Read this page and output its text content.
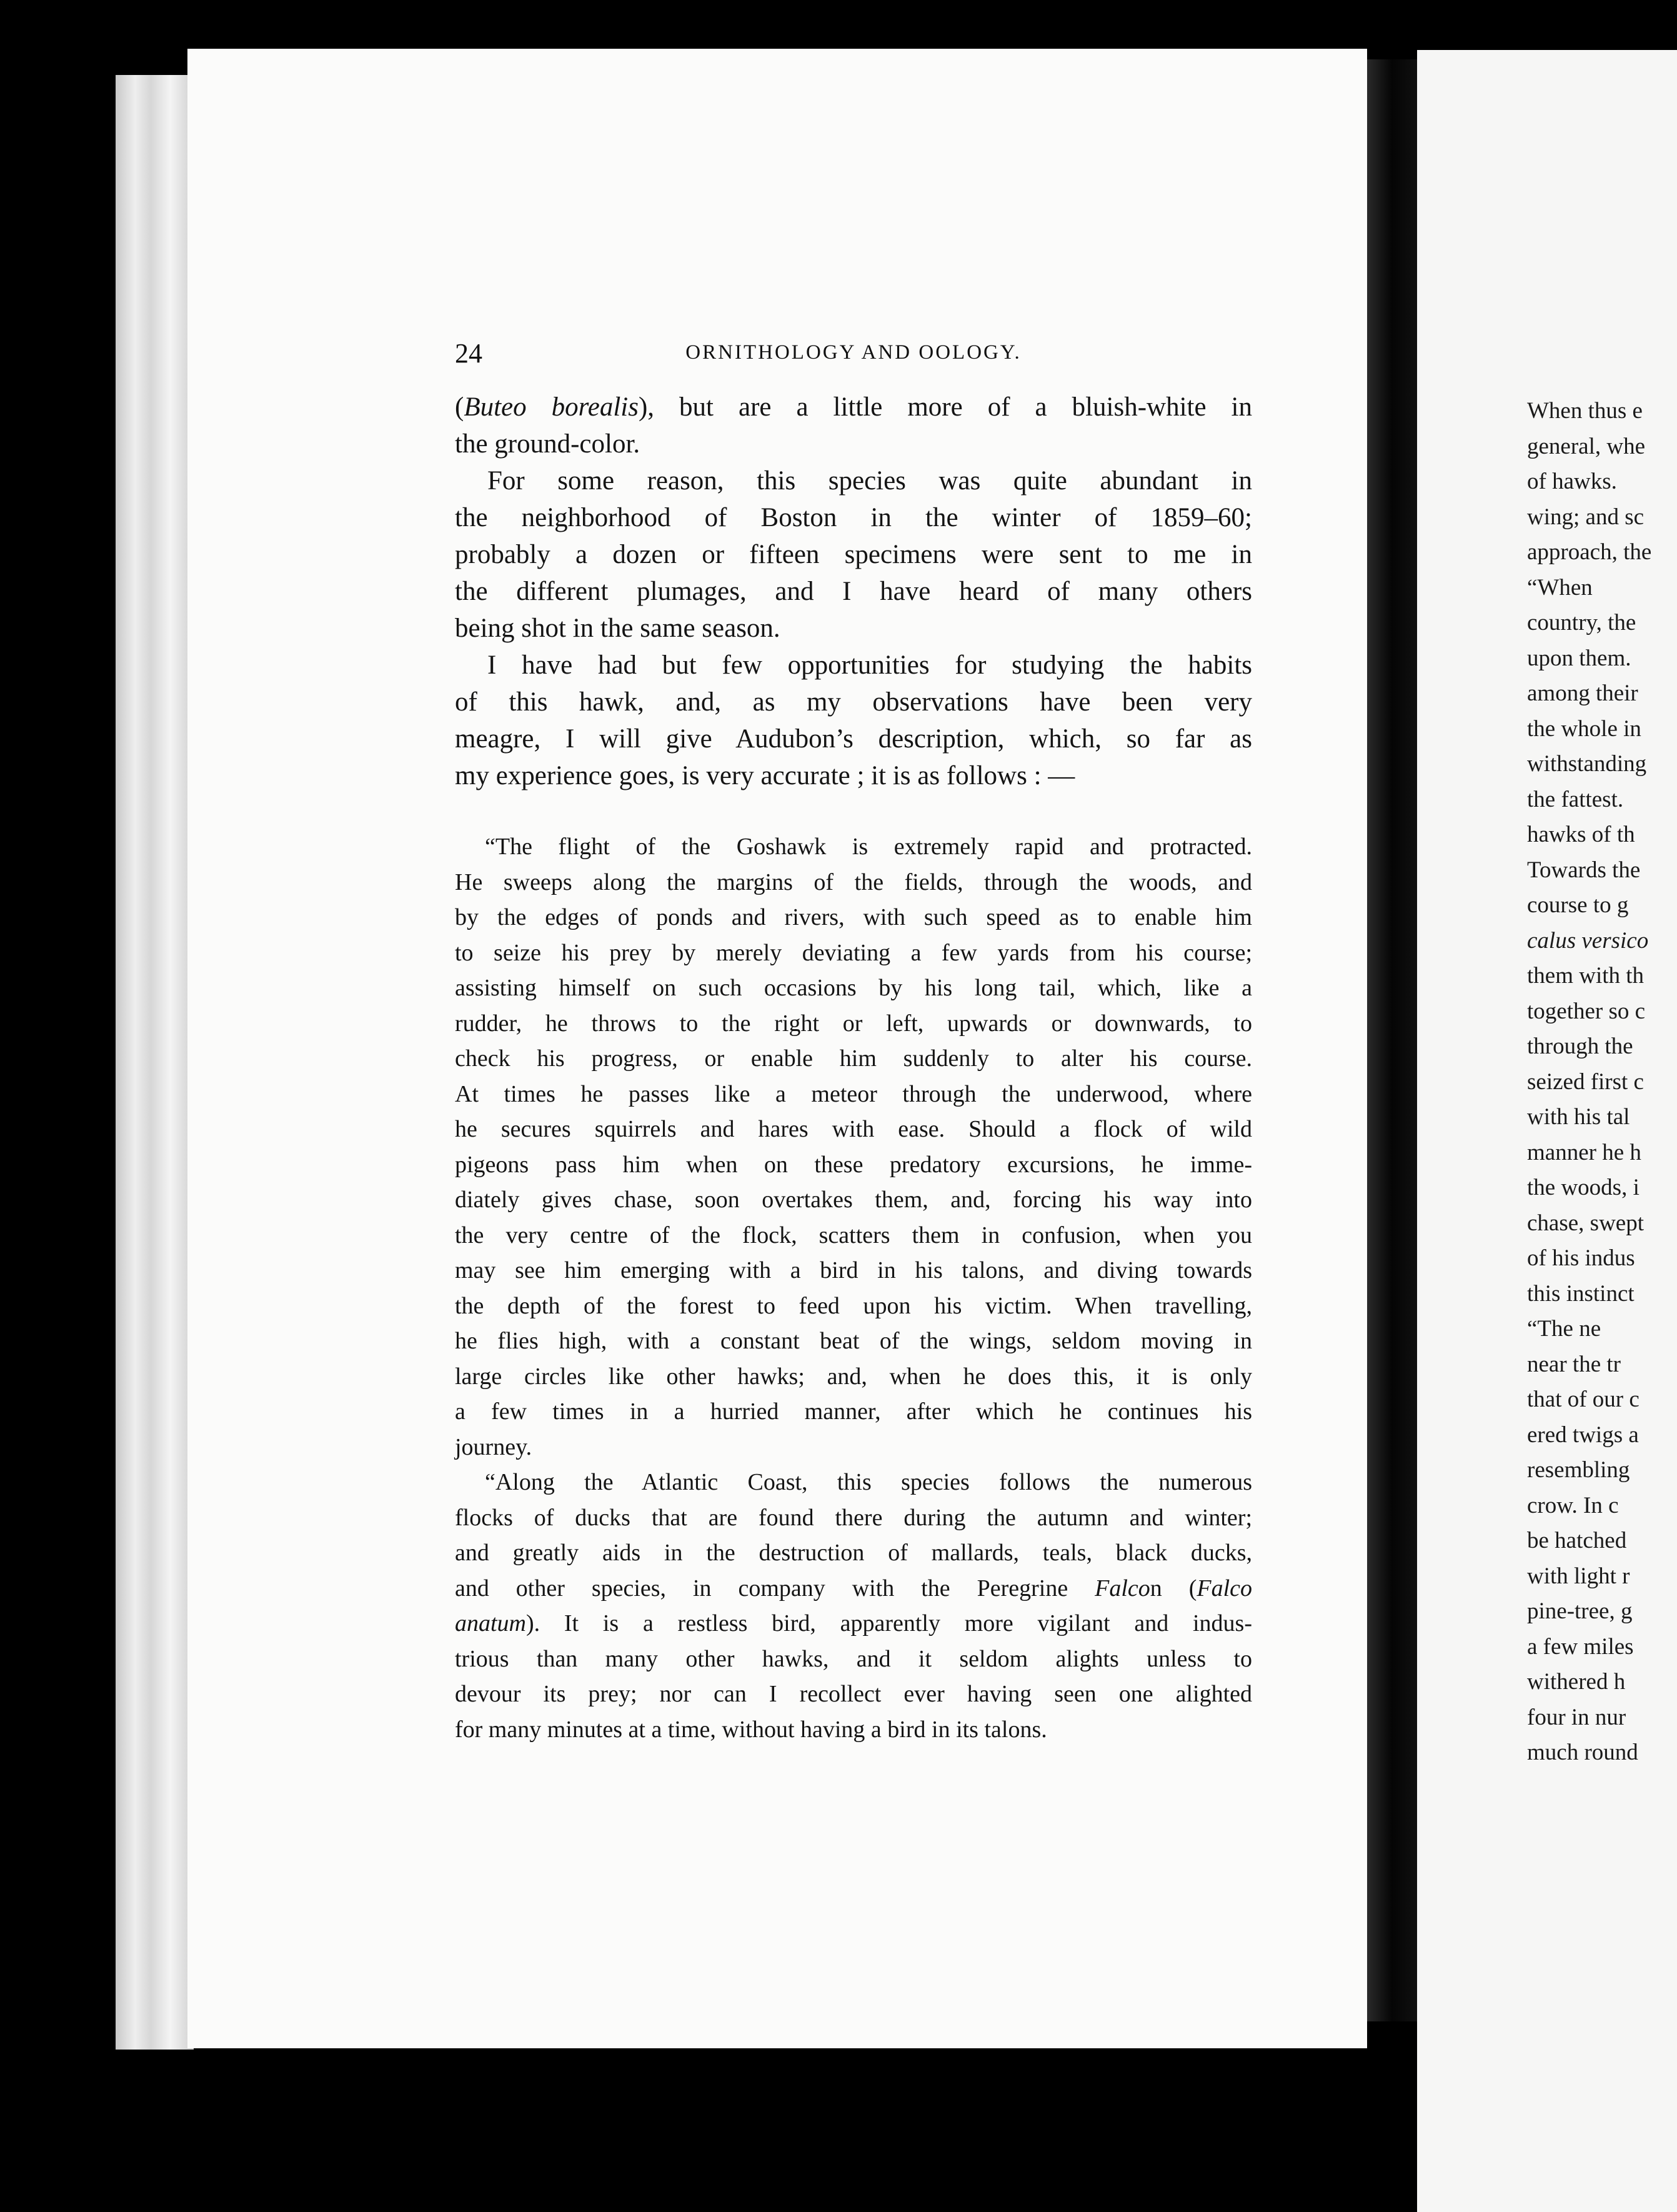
When thus e
general, whe
of hawks.
wing; and sc
approach, the
“When
country, the
upon them.
among their
the whole in
withstanding
the fattest.
hawks of th
Towards the
course to g
calus versico
them with th
together so c
through the
seized first c
with his tal
manner he h
the woods, i
chase, swept
of his indus
this instinct
“The ne
near the tr
that of our c
ered twigs a
resembling
crow. In c
be hatched
with light r
pine-tree, g
a few miles
withered h
four in nur
much round
24	ORNITHOLOGY AND OOLOGY.
(Buteo borealis), but are a little more of a bluish-white in
the ground-color.
For some reason, this species was quite abundant in
the neighborhood of Boston in the winter of 1859–60;
probably a dozen or fifteen specimens were sent to me in
the different plumages, and I have heard of many others
being shot in the same season.
I have had but few opportunities for studying the habits
of this hawk, and, as my observations have been very
meagre, I will give Audubon’s description, which, so far as
my experience goes, is very accurate ; it is as follows : —
“The flight of the Goshawk is extremely rapid and protracted.
He sweeps along the margins of the fields, through the woods, and
by the edges of ponds and rivers, with such speed as to enable him
to seize his prey by merely deviating a few yards from his course;
assisting himself on such occasions by his long tail, which, like a
rudder, he throws to the right or left, upwards or downwards, to
check his progress, or enable him suddenly to alter his course.
At times he passes like a meteor through the underwood, where
he secures squirrels and hares with ease. Should a flock of wild
pigeons pass him when on these predatory excursions, he imme-
diately gives chase, soon overtakes them, and, forcing his way into
the very centre of the flock, scatters them in confusion, when you
may see him emerging with a bird in his talons, and diving towards
the depth of the forest to feed upon his victim. When travelling,
he flies high, with a constant beat of the wings, seldom moving in
large circles like other hawks; and, when he does this, it is only
a few times in a hurried manner, after which he continues his
journey.
“Along the Atlantic Coast, this species follows the numerous
flocks of ducks that are found there during the autumn and winter;
and greatly aids in the destruction of mallards, teals, black ducks,
and other species, in company with the Peregrine Falcon (Falco
anatum). It is a restless bird, apparently more vigilant and indus-
trious than many other hawks, and it seldom alights unless to
devour its prey; nor can I recollect ever having seen one alighted
for many minutes at a time, without having a bird in its talons.
